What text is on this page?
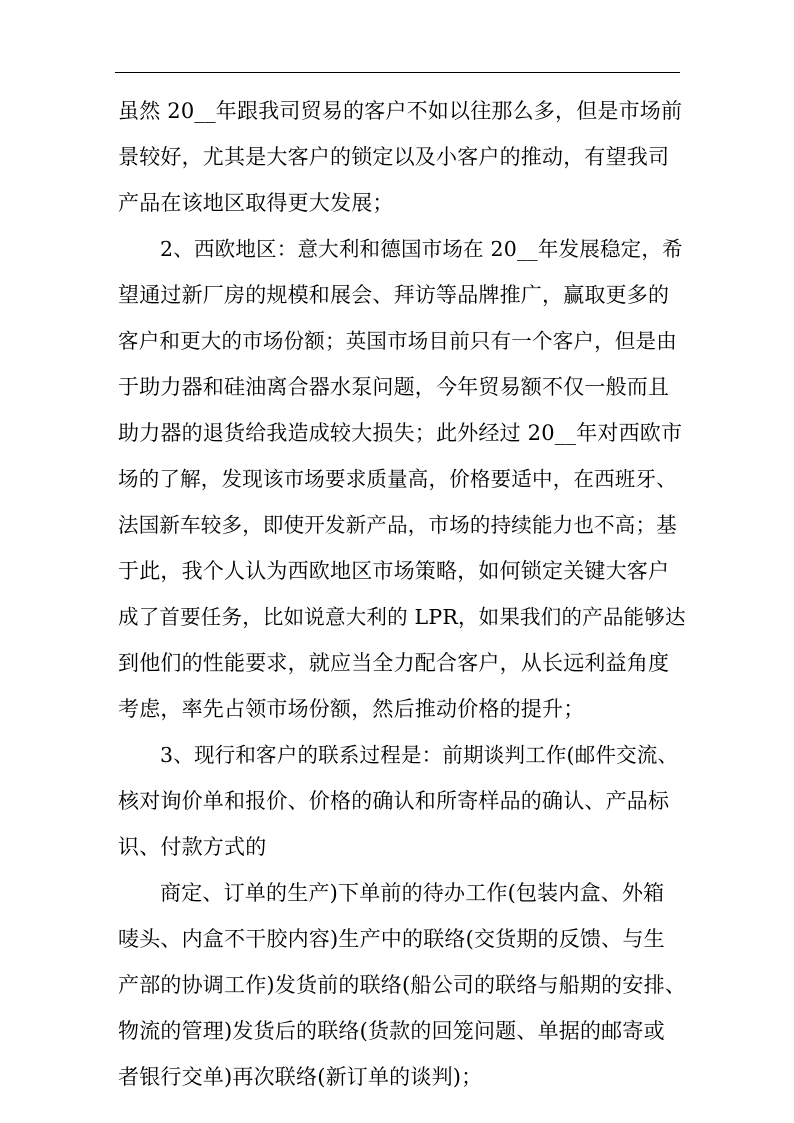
虽然 20__年跟我司贸易的客户不如以往那么多，但是市场前
景较好，尤其是大客户的锁定以及小客户的推动，有望我司
产品在该地区取得更大发展；
2、西欧地区：意大利和德国市场在 20__年发展稳定，希
望通过新厂房的规模和展会、拜访等品牌推广，赢取更多的
客户和更大的市场份额；英国市场目前只有一个客户，但是由
于助力器和硅油离合器水泵问题，今年贸易额不仅一般而且
助力器的退货给我造成较大损失；此外经过 20__年对西欧市
场的了解，发现该市场要求质量高，价格要适中，在西班牙、
法国新车较多，即使开发新产品，市场的持续能力也不高；基
于此，我个人认为西欧地区市场策略，如何锁定关键大客户
成了首要任务，比如说意大利的 LPR，如果我们的产品能够达
到他们的性能要求，就应当全力配合客户，从长远利益角度
考虑，率先占领市场份额，然后推动价格的提升；
3、现行和客户的联系过程是：前期谈判工作(邮件交流、
核对询价单和报价、价格的确认和所寄样品的确认、产品标
识、付款方式的
商定、订单的生产)下单前的待办工作(包装内盒、外箱
唛头、内盒不干胶内容)生产中的联络(交货期的反馈、与生
产部的协调工作)发货前的联络(船公司的联络与船期的安排、
物流的管理)发货后的联络(货款的回笼问题、单据的邮寄或
者银行交单)再次联络(新订单的谈判)；
